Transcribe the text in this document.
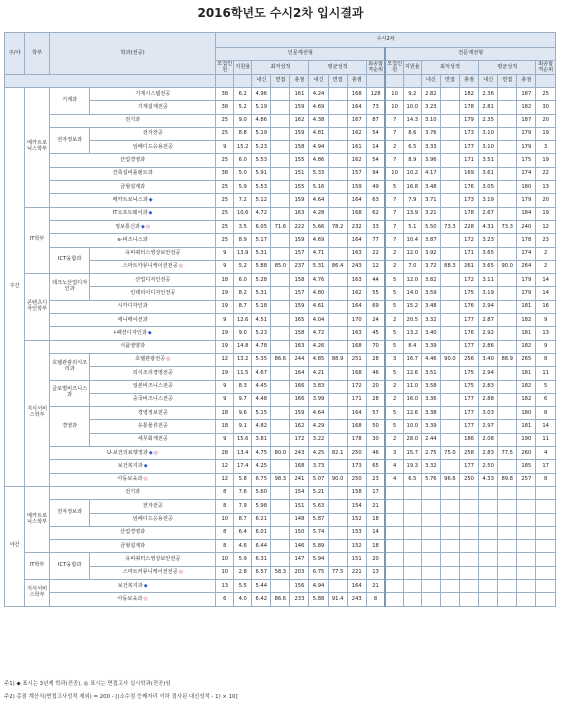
2016학년도 수시2차 입시결과
주/야	학부	학과(전공)		수시2차																	
				인문계전형									전문계전형								
				모집인원	지원율	최저성적			평균성적			최종합격순위	모집인원	지원율	최저성적			평균성적			최종합격순위
						내신	면접	총점	내신	면접	총점				내신	면접	총점	내신	면접	총점	
주간	메카트로닉스학부	기계과	기계시스템전공	38	6.2	4.96		161	4.24		168	128	10	9.2	2.82		182	2.36		187	25
			기계설계전공	38	5.2	5.19		159	4.69		164	73	10	10.0	3.23		178	2.81		182	30
		전기과		25	9.0	4.86		162	4.38		167	87	7	14.3	3.10		179	2.35		187	20
		전자정보과	전자전공	25	8.8	5.19		159	4.81		162	54	7	8.6	3.76		173	3.10		179	19
			임베디드응용전공	9	15.2	5.23		158	4.94		161	14	2	6.5	3.33		177	3.10		179	3
		산업경영과		25	6.0	5.53		155	4.86		162	54	7	8.9	3.96		171	3.51		175	19
		건축설비플랜트과		38	5.0	5.91		151	5.33		157	94	10	10.2	4.17		169	3.61		174	22
		금형설계과		25	5.9	5.53		155	5.16		159	49	5	16.8	3.48		176	3.05		180	13
		메카트로닉스과◆		25	7.2	5.12		159	4.64		164	63	7	7.9	3.71		173	3.19		179	20
	IT학부	IT소프트웨어과◆		25	10.6	4.72		163	4.28		168	62	7	13.9	3.21		178	2.67		184	19
		정보통신과◆◎		25	3.5	6.05	71.6	222	5.66	78.2	232	33	7	5.1	5.50	73.3	228	4.31	73.3	240	12
		e-비즈니스과		25	8.9	5.17		159	4.69		164	77	7	10.4	3.87		172	3.23		178	23
		ICT융합과	유비쿼터스영상보안전공	9	13.9	5.31		157	4.71		163	22	2	12.0	3.92		171	3.65		174	2
			스마트카뮤니케이션전공◎	9	5.2	5.88	85.0	237	5.31	86.4	243	12	2	7.0	3.72	88.3	261	3.65	90.0	264	2
	콘텐츠디자인학부	테크노산업디자인과	산업디자인전공	18	6.0	5.28		158	4.76		163	44	5	12.0	3.82		172	3.11		179	14
			인테리어디자인전공	19	8.2	5.31		157	4.80		162	55	5	14.0	3.59		175	3.19		179	14
		시각디자인과		19	8.7	5.18		159	4.61		164	69	5	15.2	3.48		176	2.94		181	16
		애니메이션과		9	12.6	4.51		165	4.04		170	24	2	20.5	3.32		177	2.87		182	9
		i-패션디자인과◆		19	9.0	5.23		158	4.72		163	45	5	13.2	3.40		176	2.92		181	13
	지식서비스학부	식품영양과		19	14.8	4.78		163	4.26		168	70	5	8.4	3.39		177	2.86		182	9
		호텔관광외식조리과	호텔관광전공◎	12	13.2	5.35	86.6	244	4.85	88.9	251	28	3	16.7	4.46	90.0	256	3.40	88.9	265	8
			외식조리경영전공	19	11.5	4.67		164	4.21		168	46	5	12.6	3.51		175	2.94		181	11
		글로벌비즈니스과	일본비즈니스전공	9	8.3	4.45		166	3.83		172	20	2	11.0	3.58		175	2.83		182	5
			중국비즈니스전공	9	9.7	4.48		166	3.99		171	28	2	16.0	3.36		177	2.88		182	6
		경영과	경영정보전공	18	9.6	5.15		159	4.64		164	57	5	12.6	3.38		177	3.03		180	8
			유통물류전공	18	9.1	4.82		162	4.29		168	50	5	10.0	3.39		177	2.97		181	14
			세무회계전공	9	15.6	3.81		172	3.22		178	30	2	28.0	2.44		186	2.08		190	11
		U-보건의료행정과◆◎		28	13.4	4.75	80.0	243	4.25	82.1	250	46	3	15.7	2.75	75.0	258	2.83	77.5	260	4
		보건복지과◆		12	17.4	4.25		168	3.73		173	65	4	19.3	3.32		177	2.50		185	17
		아동보육과◎		12	5.8	6.75	98.3	241	5.07	90.0	250	23	4	6.5	5.76	96.6	250	4.33	89.8	257	8
야간	메카트로닉스학부	전기과		8	7.6	5.60		154	5.21		158	17									
		전자정보과	전자전공	8	7.9	5.98		151	5.63		154	21									
			임베디드응용전공	10	8.7	6.21		148	5.87		152	18									
		산업경영과		8	6.4	6.01		150	5.74		153	14									
		금형설계과		8	4.6	6.44		146	5.89		152	18									
	IT학부	ICT융합과	유비쿼터스영상보안전공	10	5.9	6.31		147	5.94		151	20									
			스마트커뮤니케이션전공◎	10	2.8	6.57	58.3	203	6.75	77.5	221	13									
	지식서비스학부	보건복지과◆		13	5.5	5.44		156	4.94		164	21									
		아동보육과◎		6	4.0	6.42	86.6	233	5.88	91.4	243	8									
주1) ◆ 표시는 3년제 학과(전공), ◎ 표시는 면접고사 실시학과(전공)임
주2) 총점 계산식(면접고사성적 제외) = 200 - [(소수점 등째자리 이하 절사된 내신성적 - 1) × 10]
